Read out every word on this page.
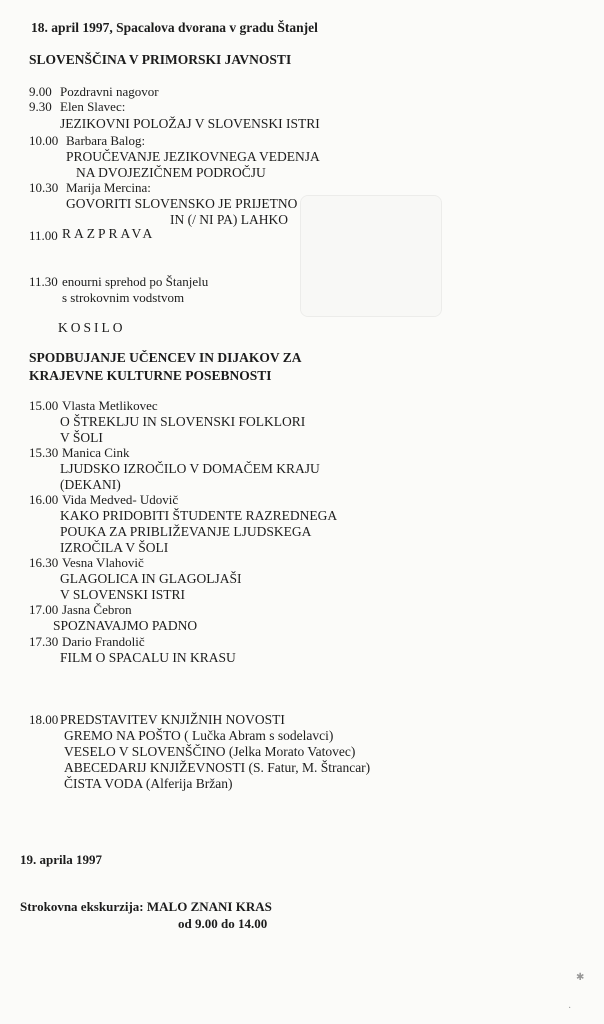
18. april 1997, Spacalova dvorana v gradu Štanjel
SLOVENŠČINA V PRIMORSKI JAVNOSTI
9.00 Pozdravni nagovor
9.30 Elen Slavec:
JEZIKOVNI POLOŽAJ V SLOVENSKI ISTRI
10.00 Barbara Balog:
PROUČEVANJE JEZIKOVNEGA VEDENJA
NA DVOJEZIČNEM PODROČJU
10.30 Marija Mercina:
GOVORITI SLOVENSKO JE PRIJETNO
IN (/ NI PA) LAHKO
11.00 RAZPRAVA
11.30 enourni sprehod po Štanjelu
s strokovnim vodstvom
KOSILO
SPODBUJANJE UČENCEV IN DIJAKOV ZA
KRAJEVNE KULTURNE POSEBNOSTI
15.00 Vlasta Metlikovec
O ŠTREKLJU IN SLOVENSKI FOLKLORI
V ŠOLI
15.30 Manica Cink
LJUDSKO IZROČILO V DOMAČEM KRAJU
(DEKANI)
16.00 Vida Medved- Udovič
KAKO PRIDOBITI ŠTUDENTE RAZREDNEGA
POUKA ZA PRIBLIŽEVANJE LJUDSKEGA
IZROČILA V ŠOLI
16.30 Vesna Vlahovič
GLAGOLICA IN GLAGOLJAŠI
V SLOVENSKI ISTRI
17.00 Jasna Čebron
SPOZNAVAJMO PADNO
17.30 Dario Frandolič
FILM O SPACALU IN KRASU
18.00 PREDSTAVITEV KNJIŽNIH NOVOSTI
GREMO NA POŠTO ( Lučka Abram s sodelavci)
VESELO V SLOVENŠČINO (Jelka Morato Vatovec)
ABECEDARIJ KNJIŽEVNOSTI (S. Fatur, M. Štrancar)
ČISTA VODA (Alferija Bržan)
19. aprila 1997
Strokovna ekskurzija: MALO ZNANI KRAS
od 9.00 do 14.00
✱
·
